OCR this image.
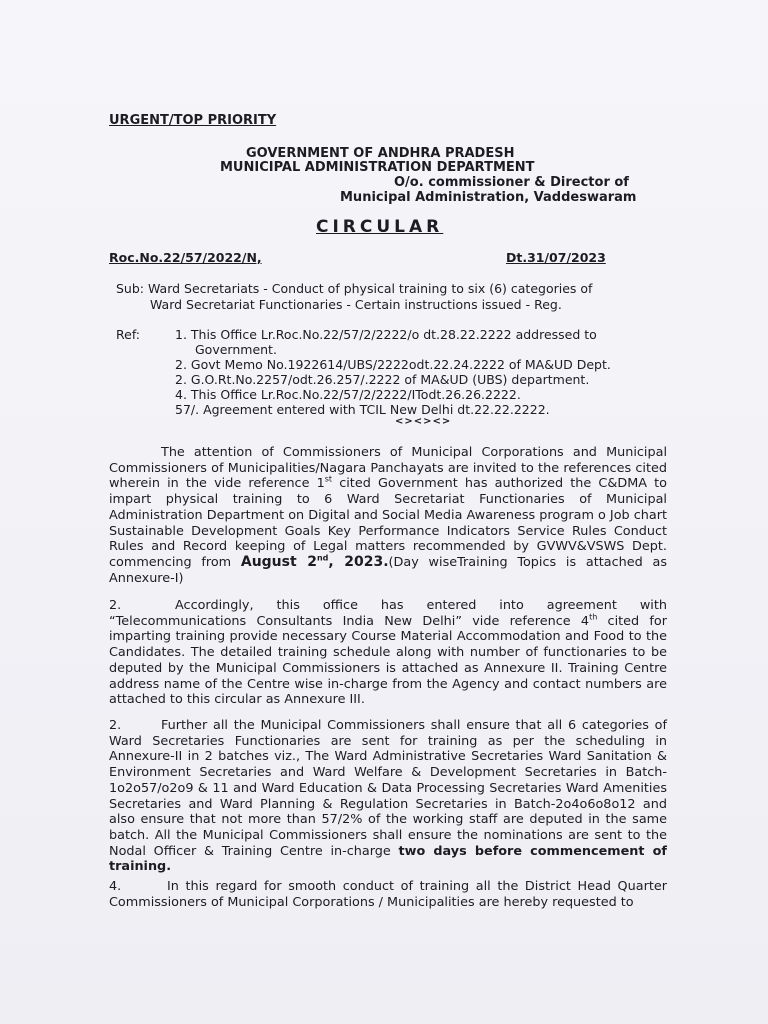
URGENT/TOP PRIORITY
GOVERNMENT OF ANDHRA PRADESH
MUNICIPAL ADMINISTRATION DEPARTMENT
O/o. commissioner & Director of
Municipal Administration, Vaddeswaram
CIRCULAR
Roc.No.22/57/2022/N,	Dt.31/07/2023
Sub: Ward Secretariats - Conduct of physical training to six (6) categories of
Ward Secretariat Functionaries - Certain instructions issued - Reg.
Ref:	1. This Office Lr.Roc.No.22/57/2/2222/o dt.28.22.2222 addressed to
Government.
2. Govt Memo No.1922614/UBS/2222odt.22.24.2222 of MA&UD Dept.
2. G.O.Rt.No.2257/odt.26.257/.2222 of MA&UD (UBS) department.
4. This Office Lr.Roc.No.22/57/2/2222/ITodt.26.26.2222.
57/. Agreement entered with TCIL New Delhi dt.22.22.2222.
<><><>
The attention of Commissioners of Municipal Corporations and Municipal Commissioners of Municipalities/Nagara Panchayats are invited to the references cited wherein in the vide reference 1st cited Government has authorized the C&DMA to impart physical training to 6 Ward Secretariat Functionaries of Municipal Administration Department on Digital and Social Media Awareness program o Job chart Sustainable Development Goals Key Performance Indicators Service Rules Conduct Rules and Record keeping of Legal matters recommended by GVWV&VSWS Dept. commencing from August 2nd, 2023.(Day wiseTraining Topics is attached as Annexure-I)
2.	Accordingly, this office has entered into agreement with “Telecommunications Consultants India New Delhi” vide reference 4th cited for imparting training provide necessary Course Material Accommodation and Food to the Candidates. The detailed training schedule along with number of functionaries to be deputed by the Municipal Commissioners is attached as Annexure II. Training Centre address name of the Centre wise in-charge from the Agency and contact numbers are attached to this circular as Annexure III.
2.	Further all the Municipal Commissioners shall ensure that all 6 categories of Ward Secretaries Functionaries are sent for training as per the scheduling in Annexure-II in 2 batches viz., The Ward Administrative Secretaries Ward Sanitation & Environment Secretaries and Ward Welfare & Development Secretaries in Batch-1o2o57/o2o9 & 11 and Ward Education & Data Processing Secretaries Ward Amenities Secretaries and Ward Planning & Regulation Secretaries in Batch-2o4o6o8o12 and also ensure that not more than 57/2% of the working staff are deputed in the same batch. All the Municipal Commissioners shall ensure the nominations are sent to the Nodal Officer & Training Centre in-charge two days before commencement of training.
4.	In this regard for smooth conduct of training all the District Head Quarter Commissioners of Municipal Corporations / Municipalities are hereby requested to
